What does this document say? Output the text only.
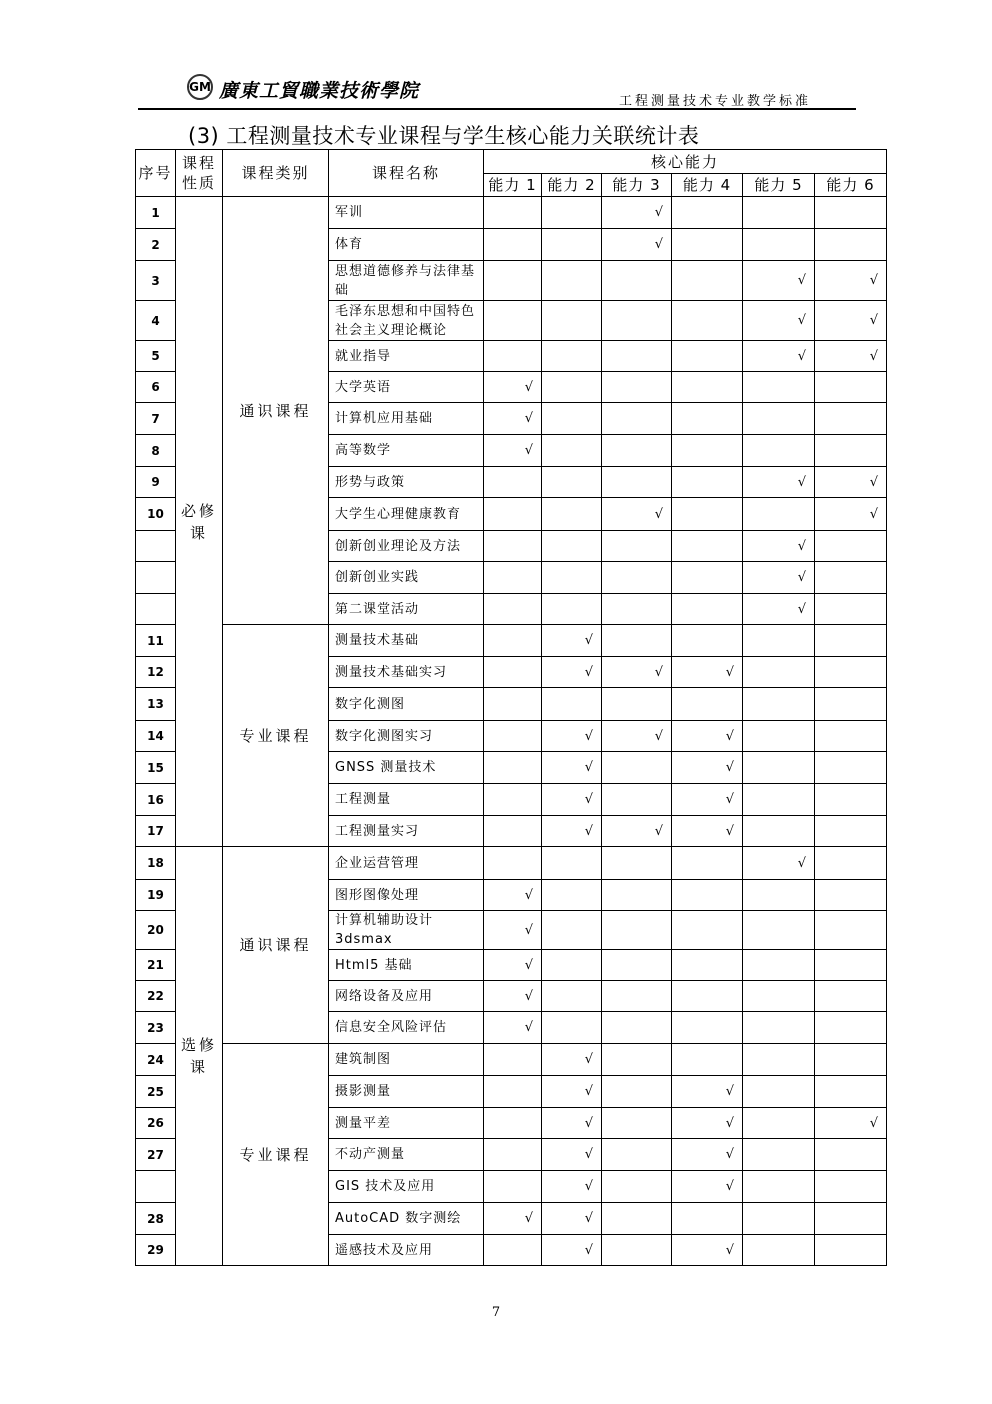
GM 廣東工貿職業技術學院	工程测量技术专业教学标准
(3) 工程测量技术专业课程与学生核心能力关联统计表
序号	课程性质	课程类别	课程名称	核心能力					
				能力 1	能力 2	能力 3	能力 4	能力 5	能力 6
1	必修课	通识课程	军训			√			
2			体育			√			
3			思想道德修养与法律基础					√	√
4			毛泽东思想和中国特色社会主义理论概论					√	√
5			就业指导					√	√
6			大学英语	√					
7			计算机应用基础	√					
8			高等数学	√					
9			形势与政策					√	√
10			大学生心理健康教育			√			√
			创新创业理论及方法					√	
			创新创业实践					√	
			第二课堂活动					√	
11		专业课程	测量技术基础		√				
12			测量技术基础实习		√	√	√		
13			数字化测图						
14			数字化测图实习		√	√	√		
15			GNSS 测量技术		√		√		
16			工程测量		√		√		
17			工程测量实习		√	√	√		
18	选修课	通识课程	企业运营管理					√	
19			图形图像处理	√					
20			计算机辅助设计3dsmax	√					
21			Html5 基础	√					
22			网络设备及应用	√					
23			信息安全风险评估	√					
24		专业课程	建筑制图		√				
25			摄影测量		√		√		
26			测量平差		√		√		√
27			不动产测量		√		√		
			GIS 技术及应用		√		√		
28			AutoCAD 数字测绘	√	√				
29			遥感技术及应用		√		√		
7
